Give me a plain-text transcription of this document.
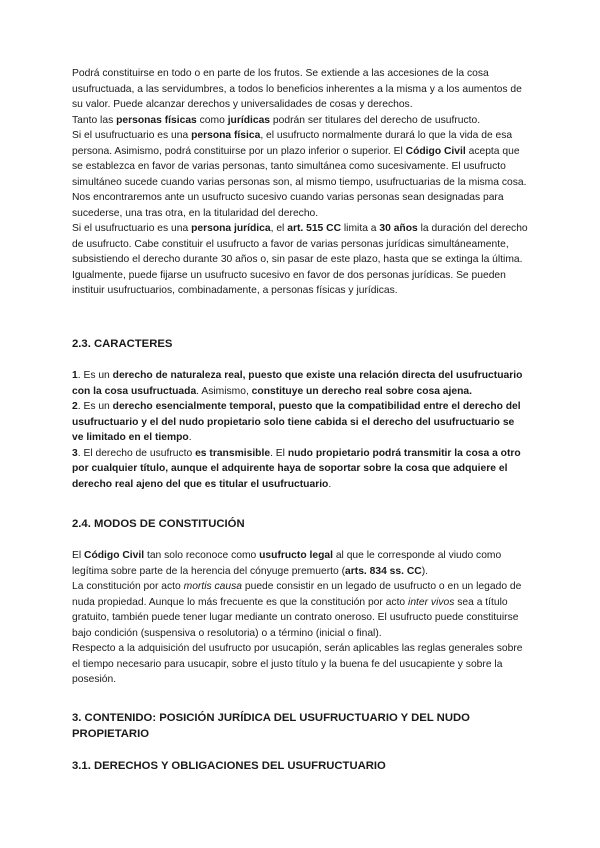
Podrá constituirse en todo o en parte de los frutos. Se extiende a las accesiones de la cosa usufructuada, a las servidumbres, a todos lo beneficios inherentes a la misma y a los aumentos de su valor. Puede alcanzar derechos y universalidades de cosas y derechos.

Tanto las personas físicas como jurídicas podrán ser titulares del derecho de usufructo.

Si el usufructuario es una persona física, el usufructo normalmente durará lo que la vida de esa persona. Asimismo, podrá constituirse por un plazo inferior o superior. El Código Civil acepta que se establezca en favor de varias personas, tanto simultánea como sucesivamente. El usufructo simultáneo sucede cuando varias personas son, al mismo tiempo, usufructuarias de la misma cosa. Nos encontraremos ante un usufructo sucesivo cuando varias personas sean designadas para sucederse, una tras otra, en la titularidad del derecho.

Si el usufructuario es una persona jurídica, el art. 515 CC limita a 30 años la duración del derecho de usufructo. Cabe constituir el usufructo a favor de varias personas jurídicas simultáneamente, subsistiendo el derecho durante 30 años o, sin pasar de este plazo, hasta que se extinga la última. Igualmente, puede fijarse un usufructo sucesivo en favor de dos personas jurídicas. Se pueden instituir usufructuarios, combinadamente, a personas físicas y jurídicas.

2.3. CARACTERES

1. Es un derecho de naturaleza real, puesto que existe una relación directa del usufructuario con la cosa usufructuada. Asimismo, constituye un derecho real sobre cosa ajena.

2. Es un derecho esencialmente temporal, puesto que la compatibilidad entre el derecho del usufructuario y el del nudo propietario solo tiene cabida si el derecho del usufructuario se ve limitado en el tiempo.

3. El derecho de usufructo es transmisible. El nudo propietario podrá transmitir la cosa a otro por cualquier título, aunque el adquirente haya de soportar sobre la cosa que adquiere el derecho real ajeno del que es titular el usufructuario.

2.4. MODOS DE CONSTITUCIÓN

El Código Civil tan solo reconoce como usufructo legal al que le corresponde al viudo como legítima sobre parte de la herencia del cónyuge premuerto (arts. 834 ss. CC).

La constitución por acto mortis causa puede consistir en un legado de usufructo o en un legado de nuda propiedad. Aunque lo más frecuente es que la constitución por acto inter vivos sea a título gratuito, también puede tener lugar mediante un contrato oneroso. El usufructo puede constituirse bajo condición (suspensiva o resolutoria) o a término (inicial o final).

Respecto a la adquisición del usufructo por usucapión, serán aplicables las reglas generales sobre el tiempo necesario para usucapir, sobre el justo título y la buena fe del usucapiente y sobre la posesión.

3. CONTENIDO: POSICIÓN JURÍDICA DEL USUFRUCTUARIO Y DEL NUDO PROPIETARIO
3.1. DERECHOS Y OBLIGACIONES DEL USUFRUCTUARIO
